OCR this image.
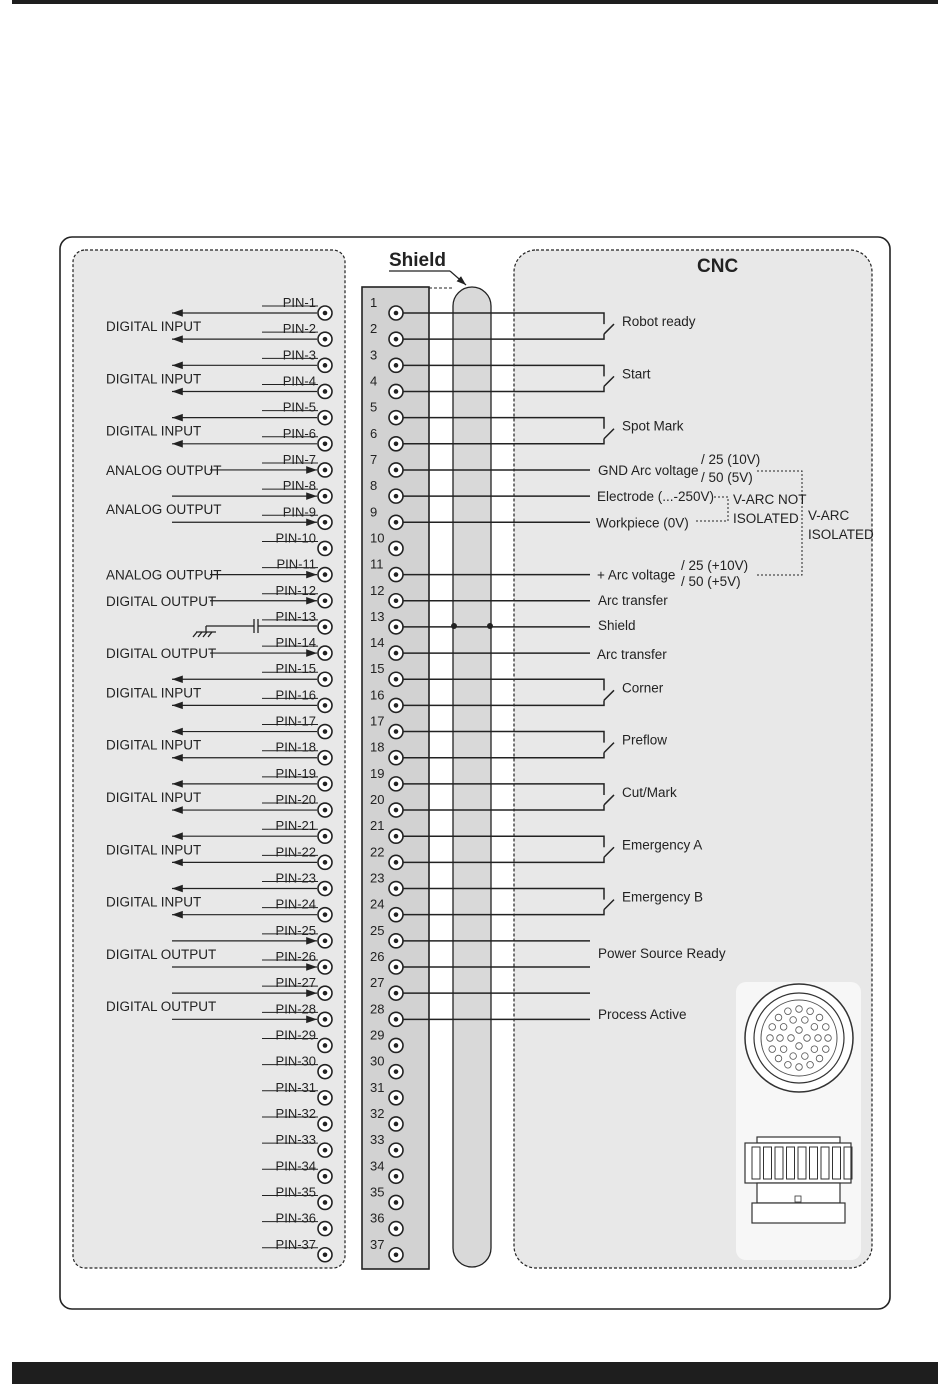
Shield	CNC
DIGITAL INPUT
DIGITAL INPUT
DIGITAL INPUT
ANALOG OUTPUT
ANALOG OUTPUT
ANALOG OUTPUT
DIGITAL OUTPUT
DIGITAL OUTPUT
DIGITAL INPUT
DIGITAL INPUT
DIGITAL INPUT
DIGITAL INPUT
DIGITAL INPUT
DIGITAL OUTPUT
DIGITAL OUTPUT
PIN-1
PIN-2
PIN-3
PIN-4
PIN-5
PIN-6
PIN-7
PIN-8
PIN-9
PIN-10
PIN-11
PIN-12
PIN-13
PIN-14
PIN-15
PIN-16
PIN-17
PIN-18
PIN-19
PIN-20
PIN-21
PIN-22
PIN-23
PIN-24
PIN-25
PIN-26
PIN-27
PIN-28
PIN-29
PIN-30
PIN-31
PIN-32
PIN-33
PIN-34
PIN-35
PIN-36
PIN-37
1
2
3
4
5
6
7
8
9
10
11
12
13
14
15
16
17
18
19
20
21
22
23
24
25
26
27
28
29
30
31
32
33
34
35
36
37
Robot ready
Start
Spot Mark
Corner
Preflow
Cut/Mark
Emergency A
Emergency B
GND Arc voltage
Electrode (...-250V)
Workpiece (0V)
+ Arc voltage
Arc transfer
Shield
Arc transfer
Power Source Ready
Process Active
/ 25 (10V)
/ 50 (5V)
/ 25 (+10V)
/ 50 (+5V)
V-ARC NOT
ISOLATED V-ARC
ISOLATED
